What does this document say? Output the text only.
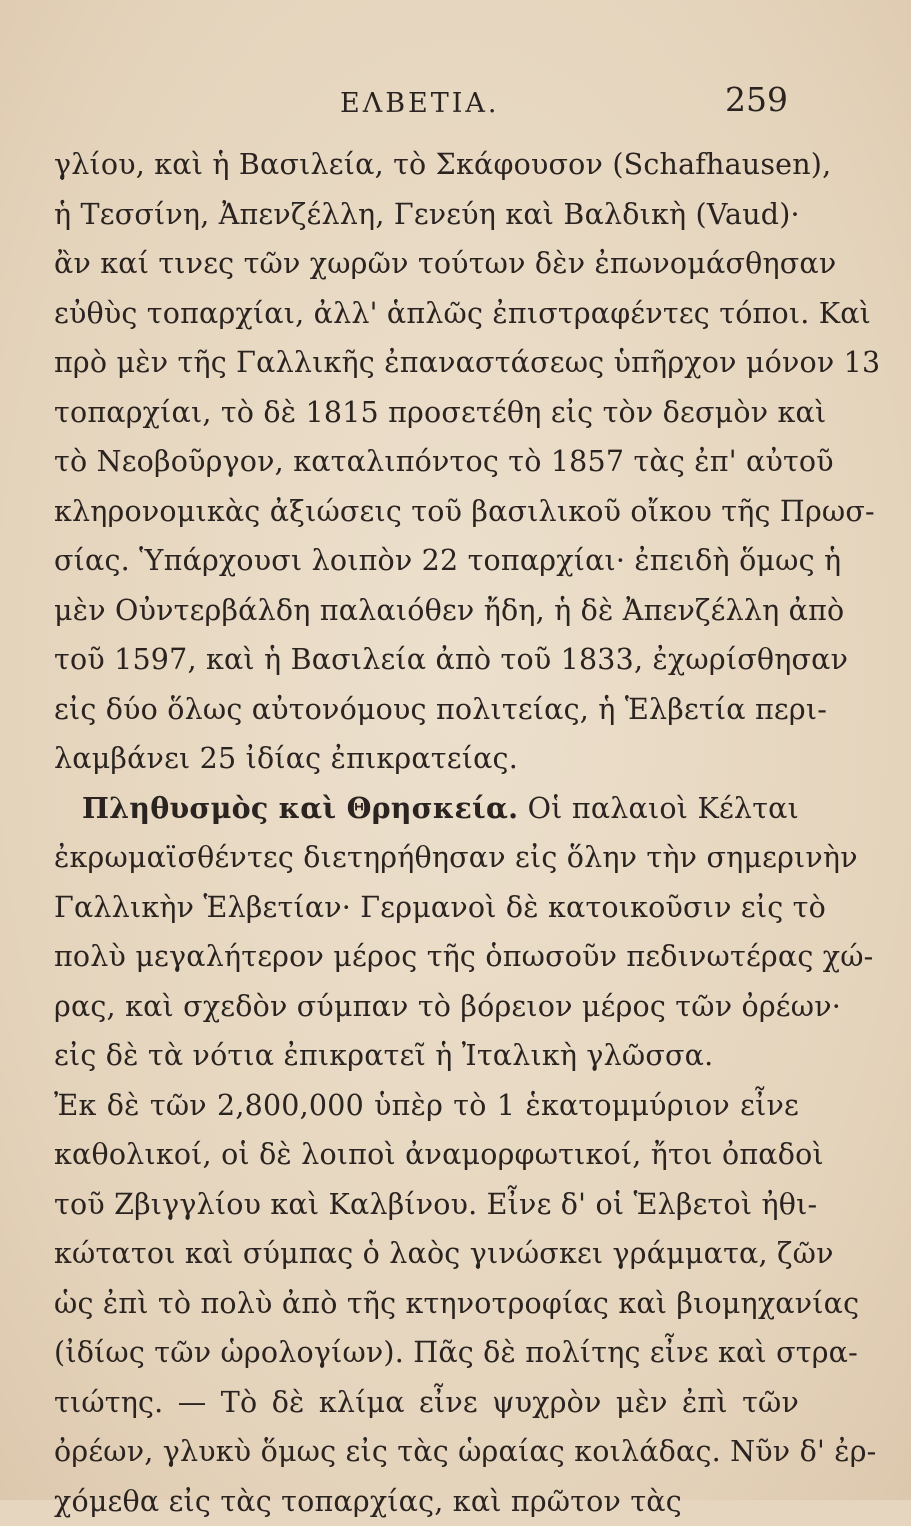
ΕΛΒΕΤΙΑ.	259
γλίου, καὶ ἡ Βασιλεία, τὸ Σκάφουσον (Schafhausen),
ἡ Τεσσίνη, Ἀπενζέλλη, Γενεύη καὶ Βαλδικὴ (Vaud)·
ἂν καί τινες τῶν χωρῶν τούτων δὲν ἐπωνομάσθησαν
εὐθὺς τοπαρχίαι, ἀλλ' ἁπλῶς ἐπιστραφέντες τόποι. Καὶ
πρὸ μὲν τῆς Γαλλικῆς ἐπαναστάσεως ὑπῆρχον μόνον 13
τοπαρχίαι, τὸ δὲ 1815 προσετέθη εἰς τὸν δεσμὸν καὶ
τὸ Νεοβοῦργον, καταλιπόντος τὸ 1857 τὰς ἐπ' αὐτοῦ
κληρονομικὰς ἀξιώσεις τοῦ βασιλικοῦ οἴκου τῆς Πρωσ-
σίας. Ὑπάρχουσι λοιπὸν 22 τοπαρχίαι· ἐπειδὴ ὅμως ἡ
μὲν Οὐντερβάλδη παλαιόθεν ἤδη, ἡ δὲ Ἀπενζέλλη ἀπὸ
τοῦ 1597, καὶ ἡ Βασιλεία ἀπὸ τοῦ 1833, ἐχωρίσθησαν
εἰς δύο ὅλως αὐτονόμους πολιτείας, ἡ Ἑλβετία περι-
λαμβάνει 25 ἰδίας ἐπικρατείας.
Πληθυσμὸς καὶ Θρησκεία. Οἱ παλαιοὶ Κέλται
ἐκρωμαϊσθέντες διετηρήθησαν εἰς ὅλην τὴν σημερινὴν
Γαλλικὴν Ἑλβετίαν· Γερμανοὶ δὲ κατοικοῦσιν εἰς τὸ
πολὺ μεγαλήτερον μέρος τῆς ὁπωσοῦν πεδινωτέρας χώ-
ρας, καὶ σχεδὸν σύμπαν τὸ βόρειον μέρος τῶν ὀρέων·
εἰς δὲ τὰ νότια ἐπικρατεῖ ἡ Ἰταλικὴ γλῶσσα.
Ἐκ δὲ τῶν 2,800,000 ὑπὲρ τὸ 1 ἑκατομμύριον εἶνε
καθολικοί, οἱ δὲ λοιποὶ ἀναμορφωτικοί, ἤτοι ὀπαδοὶ
τοῦ Ζβιγγλίου καὶ Καλβίνου. Εἶνε δ' οἱ Ἑλβετοὶ ἠθι-
κώτατοι καὶ σύμπας ὁ λαὸς γινώσκει γράμματα, ζῶν
ὡς ἐπὶ τὸ πολὺ ἀπὸ τῆς κτηνοτροφίας καὶ βιομηχανίας
(ἰδίως τῶν ὡρολογίων). Πᾶς δὲ πολίτης εἶνε καὶ στρα-
τιώτης. — Τὸ δὲ κλίμα εἶνε ψυχρὸν μὲν ἐπὶ τῶν
ὀρέων, γλυκὺ ὅμως εἰς τὰς ὡραίας κοιλάδας. Νῦν δ' ἐρ-
χόμεθα εἰς τὰς τοπαρχίας, καὶ πρῶτον τὰς
